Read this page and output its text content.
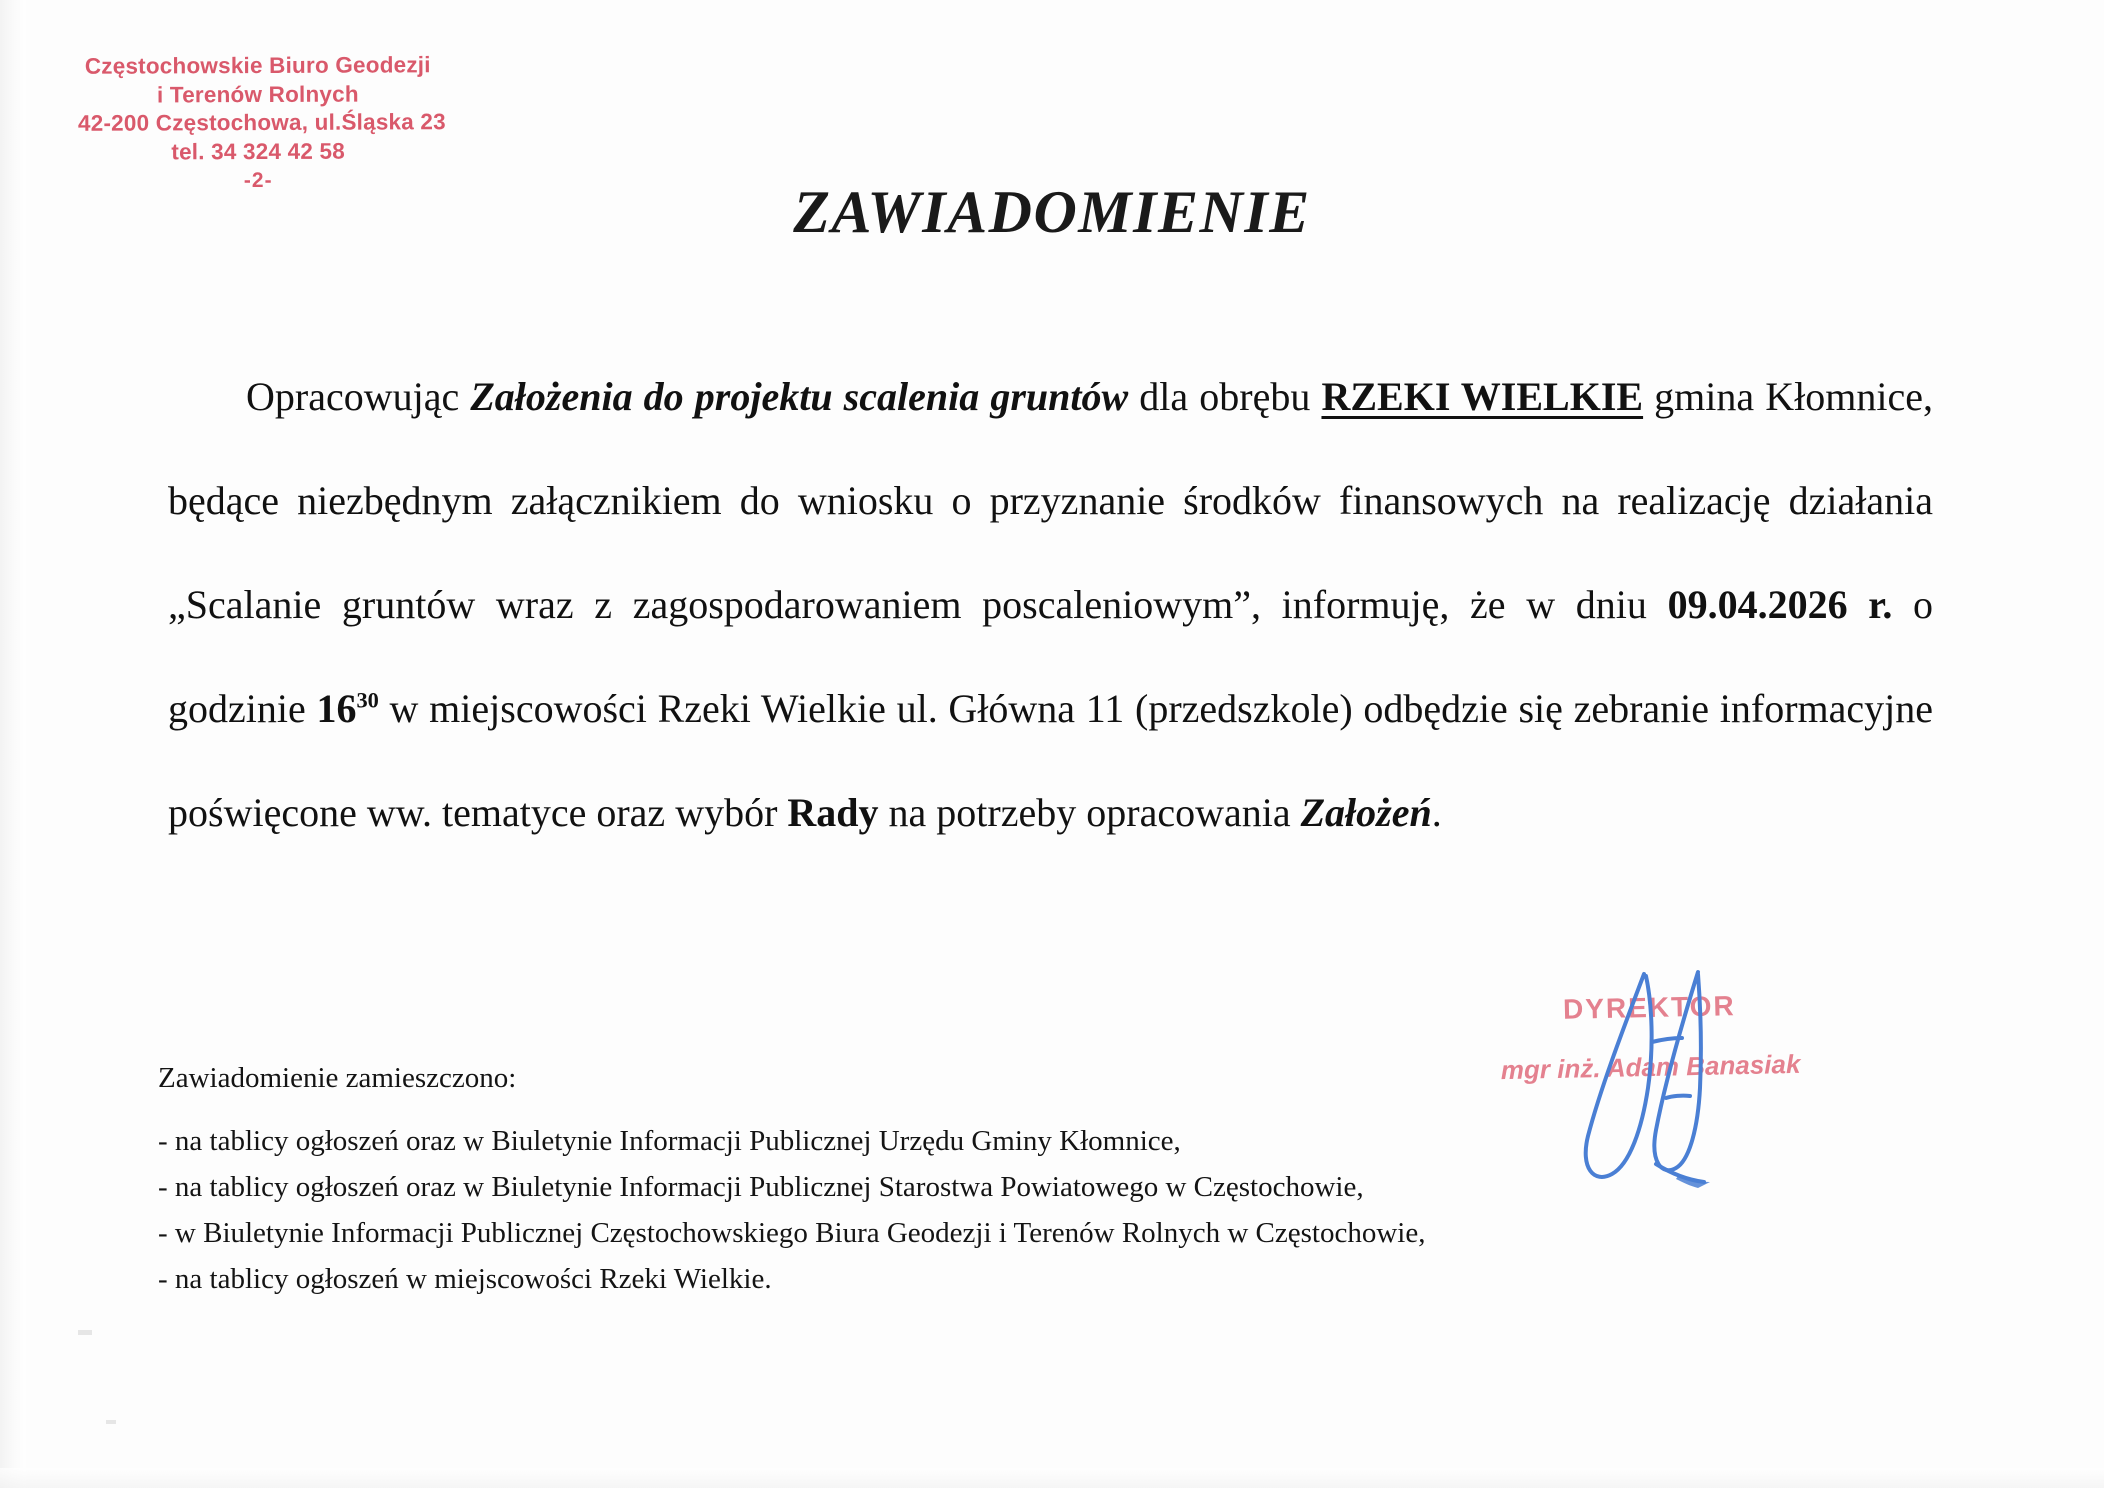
Częstochowskie Biuro Geodezji
i Terenów Rolnych
42-200 Częstochowa, ul.Śląska 23
tel. 34 324 42 58
-2-	ZAWIADOMIENIE

Opracowując Założenia do projektu scalenia gruntów dla obrębu RZEKI WIELKIE gmina Kłomnice, będące niezbędnym załącznikiem do wniosku o przyznanie środków finansowych na realizację działania „Scalanie gruntów wraz z zagospodarowaniem poscaleniowym”, informuję, że w dniu 09.04.2026 r. o godzinie $16^{30}$ w miejscowości Rzeki Wielkie ul. Główna 11 (przedszkole) odbędzie się zebranie informacyjne poświęcone ww. tematyce oraz wybór Rady na potrzeby opracowania Założeń.

Zawiadomienie zamieszczono:

- na tablicy ogłoszeń oraz w Biuletynie Informacji Publicznej Urzędu Gminy Kłomnice,
- na tablicy ogłoszeń oraz w Biuletynie Informacji Publicznej Starostwa Powiatowego w Częstochowie,
- w Biuletynie Informacji Publicznej Częstochowskiego Biura Geodezji i Terenów Rolnych w Częstochowie,
- na tablicy ogłoszeń w miejscowości Rzeki Wielkie.
DYREKTOR
mgr inż. Adam Banasiak
